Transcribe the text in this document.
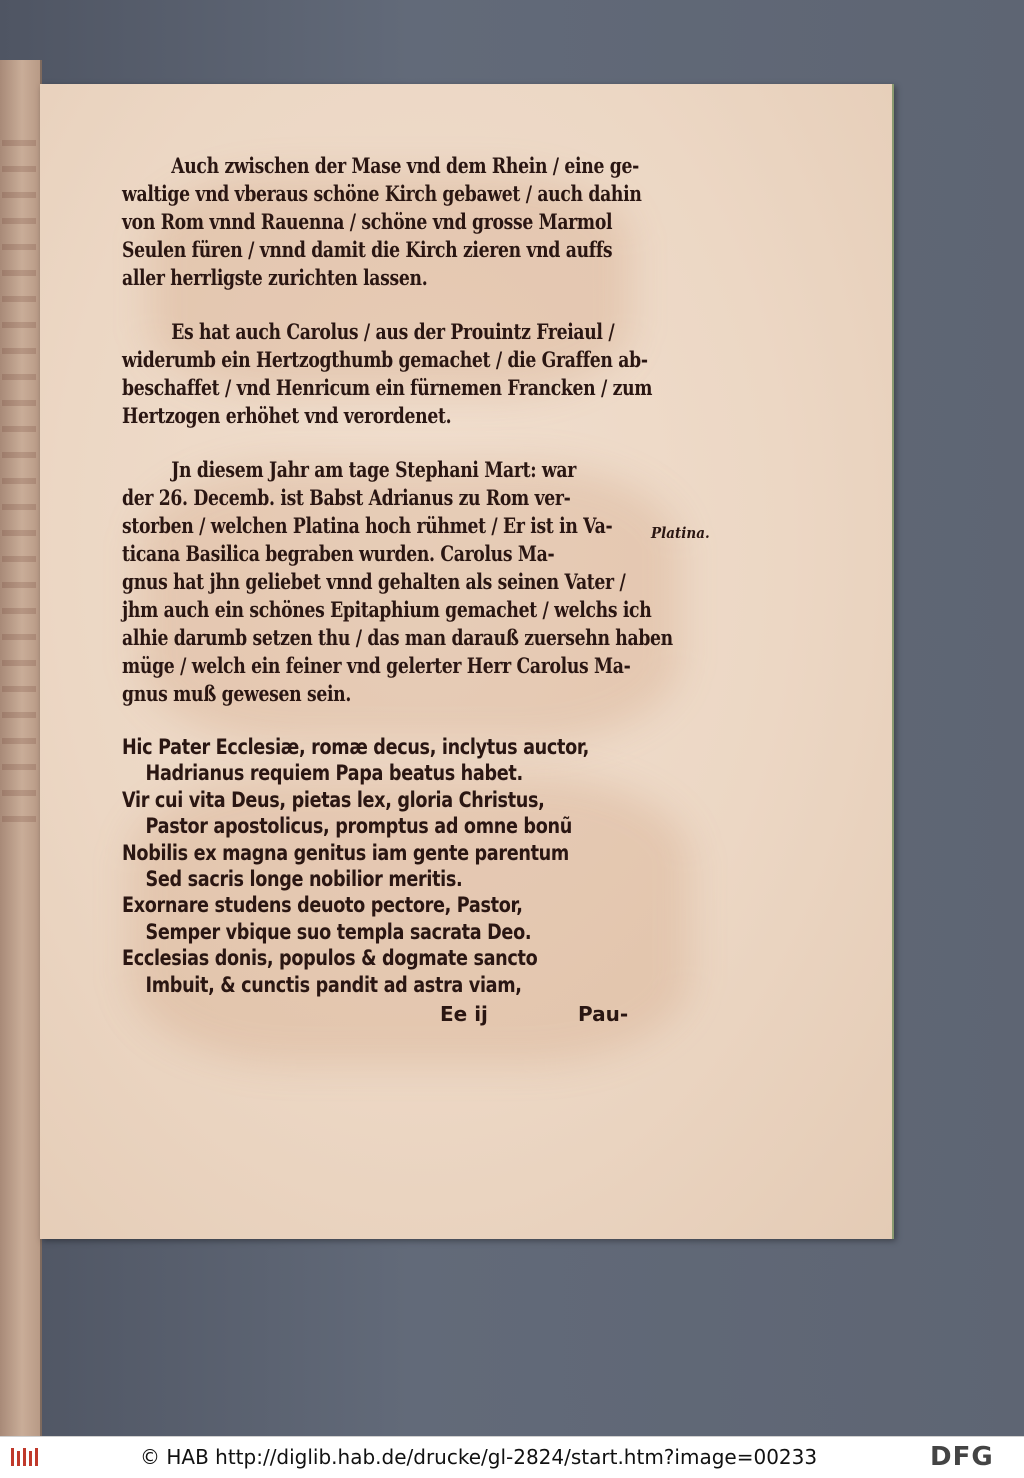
Auch zwischen der Mase vnd dem Rhein / eine ge-
waltige vnd vberaus schöne Kirch gebawet / auch dahin
von Rom vnnd Rauenna / schöne vnd grosse Marmol
Seulen füren / vnnd damit die Kirch zieren vnd auffs
aller herrligste zurichten lassen.
Es hat auch Carolus / aus der Prouintz Freiaul /
widerumb ein Hertzogthumb gemachet / die Graffen ab-
beschaffet / vnd Henricum ein fürnemen Francken / zum
Hertzogen erhöhet vnd verordenet.
Jn diesem Jahr am tage Stephani Mart: war
der 26. Decemb. ist Babst Adrianus zu Rom ver-
storben / welchen Platina hoch rühmet / Er ist in Va-
ticana Basilica begraben wurden. Carolus Ma-
gnus hat jhn geliebet vnnd gehalten als seinen Vater /
jhm auch ein schönes Epitaphium gemachet / welchs ich
alhie darumb setzen thu / das man darauß zuersehn haben
müge / welch ein feiner vnd gelerter Herr Carolus Ma-
gnus muß gewesen sein.
Hic Pater Ecclesiæ, romæ decus, inclytus auctor,
Hadrianus requiem Papa beatus habet.
Vir cui vita Deus, pietas lex, gloria Christus,
Pastor apostolicus, promptus ad omne bonũ
Nobilis ex magna genitus iam gente parentum
Sed sacris longe nobilior meritis.
Exornare studens deuoto pectore, Pastor,
Semper vbique suo templa sacrata Deo.
Ecclesias donis, populos & dogmate sancto
Imbuit, & cunctis pandit ad astra viam,
Ee ij	Pau-
Platina.
© HAB http://diglib.hab.de/drucke/gl-2824/start.htm?image=00233	DFG
